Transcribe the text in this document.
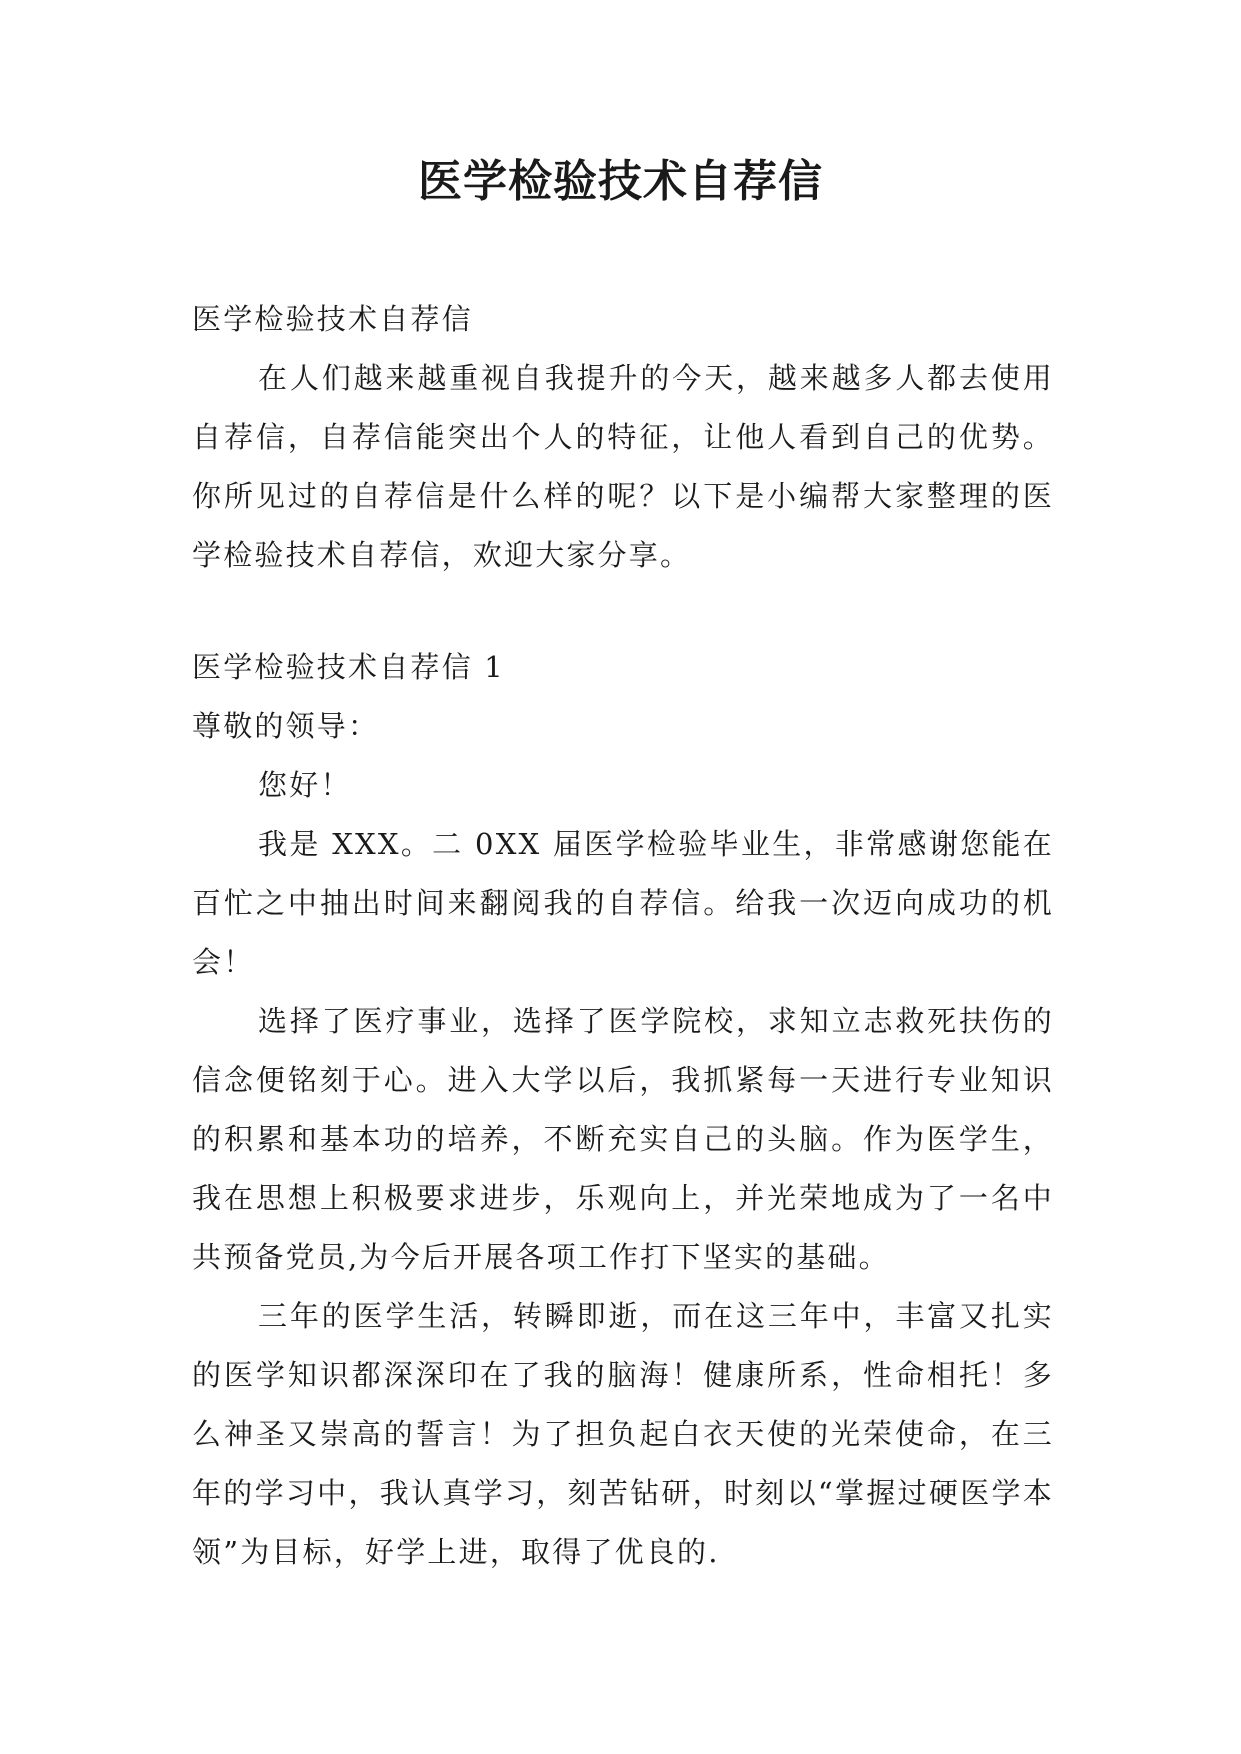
医学检验技术自荐信

医学检验技术自荐信

在人们越来越重视自我提升的今天，越来越多人都去使用自荐信，自荐信能突出个人的特征，让他人看到自己的优势。你所见过的自荐信是什么样的呢？以下是小编帮大家整理的医学检验技术自荐信，欢迎大家分享。

医学检验技术自荐信 1

尊敬的领导：

您好！

我是 XXX。二 0XX 届医学检验毕业生，非常感谢您能在百忙之中抽出时间来翻阅我的自荐信。给我一次迈向成功的机会！

选择了医疗事业，选择了医学院校，求知立志救死扶伤的信念便铭刻于心。进入大学以后，我抓紧每一天进行专业知识的积累和基本功的培养，不断充实自己的头脑。作为医学生，我在思想上积极要求进步，乐观向上，并光荣地成为了一名中共预备党员,为今后开展各项工作打下坚实的基础。

三年的医学生活，转瞬即逝，而在这三年中，丰富又扎实的医学知识都深深印在了我的脑海！健康所系，性命相托！多么神圣又崇高的誓言！为了担负起白衣天使的光荣使命，在三年的学习中，我认真学习，刻苦钻研，时刻以“掌握过硬医学本领”为目标，好学上进，取得了优良的.
